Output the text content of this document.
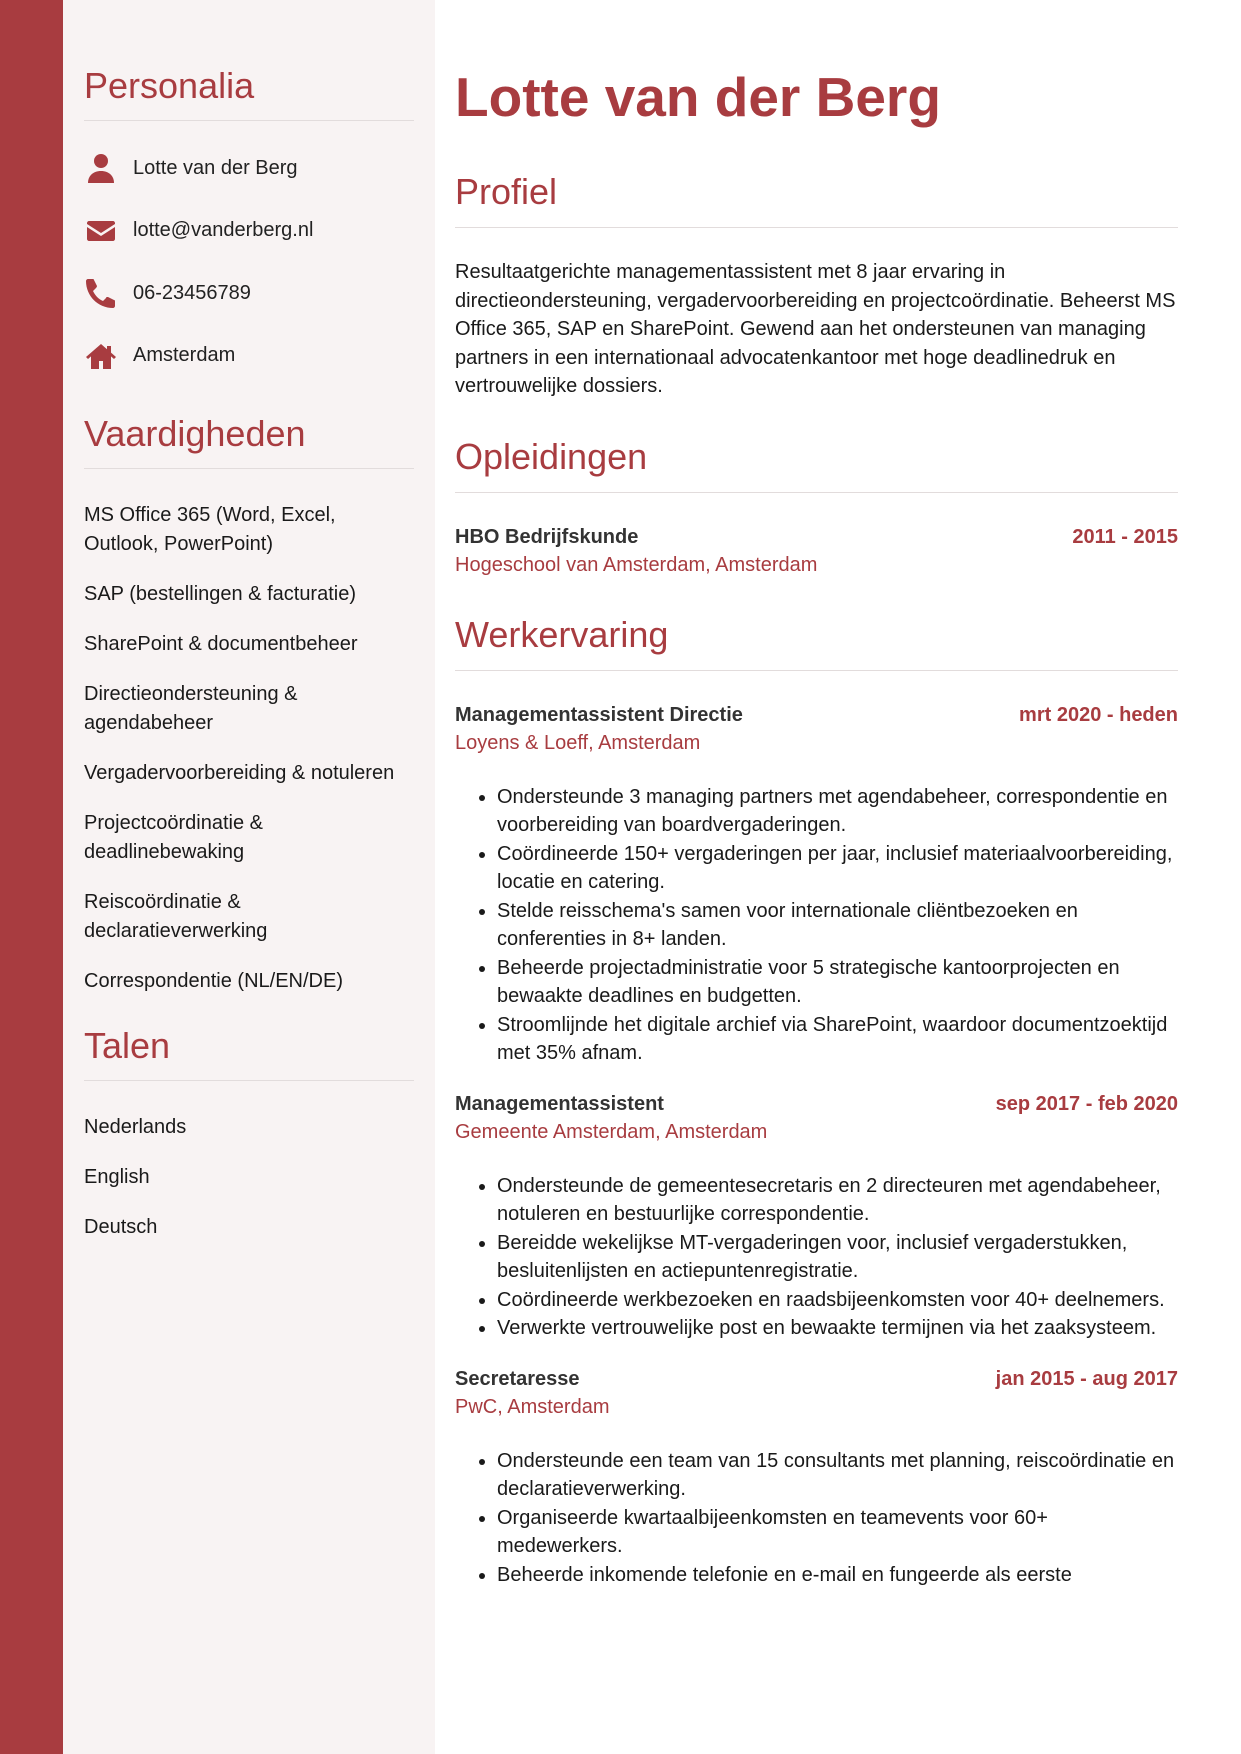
Personalia
Lotte van der Berg
lotte@vanderberg.nl
06-23456789
Amsterdam
Vaardigheden
MS Office 365 (Word, Excel, Outlook, PowerPoint)
SAP (bestellingen & facturatie)
SharePoint & documentbeheer
Directieondersteuning & agendabeheer
Vergadervoorbereiding & notuleren
Projectcoördinatie & deadlinebewaking
Reiscoördinatie & declaratieverwerking
Correspondentie (NL/EN/DE)
Talen
Nederlands
English
Deutsch
Lotte van der Berg
Profiel

Resultaatgerichte managementassistent met 8 jaar ervaring in directieondersteuning, vergadervoorbereiding en projectcoördinatie. Beheerst MS Office 365, SAP en SharePoint. Gewend aan het ondersteunen van managing partners in een internationaal advocatenkantoor met hoge deadlinedruk en vertrouwelijke dossiers.

Opleidingen
HBO Bedrijfskunde	2011 - 2015
Hogeschool van Amsterdam, Amsterdam
Werkervaring
Managementassistent Directie	mrt 2020 - heden
Loyens & Loeff, Amsterdam
• Ondersteunde 3 managing partners met agendabeheer, correspondentie en voorbereiding van boardvergaderingen.
• Coördineerde 150+ vergaderingen per jaar, inclusief materiaalvoorbereiding, locatie en catering.
• Stelde reisschema's samen voor internationale cliëntbezoeken en conferenties in 8+ landen.
• Beheerde projectadministratie voor 5 strategische kantoorprojecten en bewaakte deadlines en budgetten.
• Stroomlijnde het digitale archief via SharePoint, waardoor documentzoektijd met 35% afnam.
Managementassistent	sep 2017 - feb 2020
Gemeente Amsterdam, Amsterdam
• Ondersteunde de gemeentesecretaris en 2 directeuren met agendabeheer, notuleren en bestuurlijke correspondentie.
• Bereidde wekelijkse MT-vergaderingen voor, inclusief vergaderstukken, besluitenlijsten en actiepuntenregistratie.
• Coördineerde werkbezoeken en raadsbijeenkomsten voor 40+ deelnemers.
• Verwerkte vertrouwelijke post en bewaakte termijnen via het zaaksysteem.
Secretaresse	jan 2015 - aug 2017
PwC, Amsterdam
• Ondersteunde een team van 15 consultants met planning, reiscoördinatie en declaratieverwerking.
• Organiseerde kwartaalbijeenkomsten en teamevents voor 60+ medewerkers.
• Beheerde inkomende telefonie en e-mail en fungeerde als eerste
